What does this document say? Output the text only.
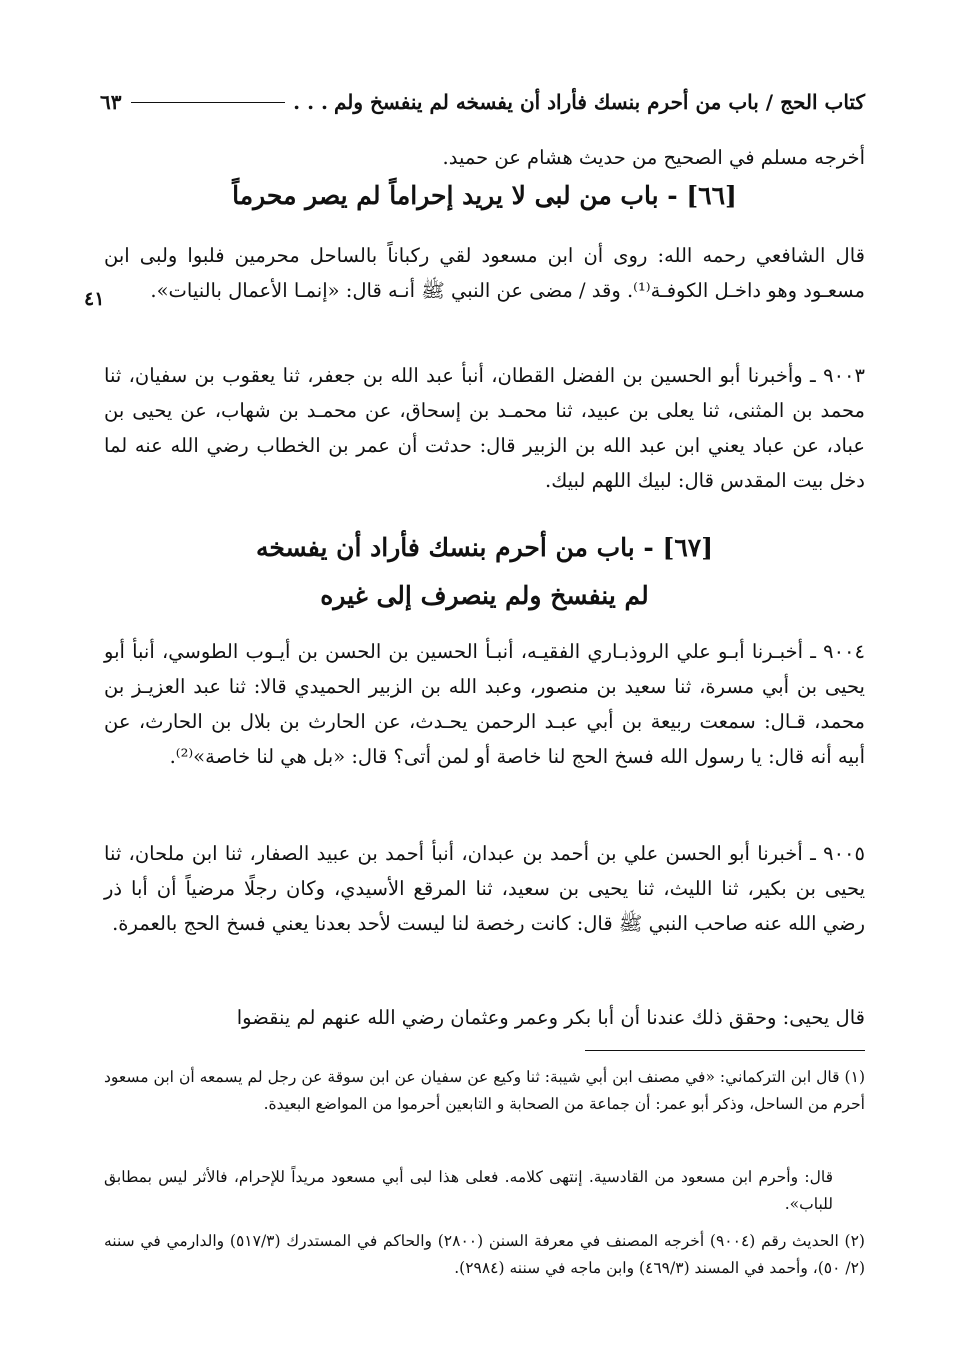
كتاب الحج / باب من أحرم بنسك فأراد أن يفسخه لم ينفسخ ولم
. . .
٦٣
أخرجه مسلم في الصحيح من حديث هشام عن حميد.
[٦٦] - باب من لبى لا يريد إحراماً لم يصر محرماً
قال الشافعي رحمه الله: روى أن ابن مسعود لقي ركباناً بالساحل محرمين فلبوا ولبى ابن مسعـود وهو داخـل الكوفـة⁽¹⁾. وقد / مضى عن النبي ﷺ أنـه قال: «إنمـا الأعمال بالنيات».
٤١
٩٠٠٣ ـ وأخبرنا أبو الحسين بن الفضل القطان، أنبأ عبد الله بن جعفر، ثنا يعقوب بن سفيان، ثنا محمد بن المثنى، ثنا يعلى بن عبيد، ثنا محمـد بن إسحاق، عن محمـد بن شهاب، عن يحيى بن عباد، عن عباد يعني ابن عبد الله بن الزبير قال: حدثت أن عمر بن الخطاب رضي الله عنه لما دخل بيت المقدس قال: لبيك اللهم لبيك.
[٦٧] - باب من أحرم بنسك فأراد أن يفسخه
لم ينفسخ ولم ينصرف إلى غيره
٩٠٠٤ ـ أخبـرنا أبـو علي الروذبـاري الفقيـه، أنبـأ الحسين بن الحسن بن أيـوب الطوسي، أنبأ أبو يحيى بن أبي مسرة، ثنا سعيد بن منصور، وعبد الله بن الزبير الحميدي قالا: ثنا عبد العزيـز بن محمد، قـال: سمعت ربيعة بن أبي عبـد الرحمن يحـدث، عن الحارث بن بلال بن الحارث، عن أبيه أنه قال: يا رسول الله فسخ الحج لنا خاصة أو لمن أتى؟ قال: «بل هي لنا خاصة»⁽²⁾.
٩٠٠٥ ـ أخبرنا أبو الحسن علي بن أحمد بن عبدان، أنبأ أحمد بن عبيد الصفار، ثنا ابن ملحان، ثنا يحيى بن بكير، ثنا الليث، ثنا يحيى بن سعيد، ثنا المرقع الأسيدي، وكان رجلًا مرضياً أن أبا ذر رضي الله عنه صاحب النبي ﷺ قال: كانت رخصة لنا ليست لأحد بعدنا يعني فسخ الحج بالعمرة.
قال يحيى: وحقق ذلك عندنا أن أبا بكر وعمر وعثمان رضي الله عنهم لم ينقضوا
(١) قال ابن التركماني: «في مصنف ابن أبي شيبة: ثنا وكيع عن سفيان عن ابن سوقة عن رجل لم يسمعه أن ابن مسعود أحرم من الساحل، وذكر أبو عمر: أن جماعة من الصحابة و التابعين أحرموا من المواضع البعيدة.
قال: وأحرم ابن مسعود من القادسية. إنتهى كلامه. فعلى هذا لبى أبي مسعود مريداً للإحرام، فالأثر ليس بمطابق للباب».
(٢) الحديث رقم (٩٠٠٤) أخرجه المصنف في معرفة السنن (٢٨٠٠) والحاكم في المستدرك (٥١٧/٣) والدارمي في سننه (٢/ ٥٠)، وأحمد في المسند (٤٦٩/٣) وابن ماجه في سننه (٢٩٨٤).
